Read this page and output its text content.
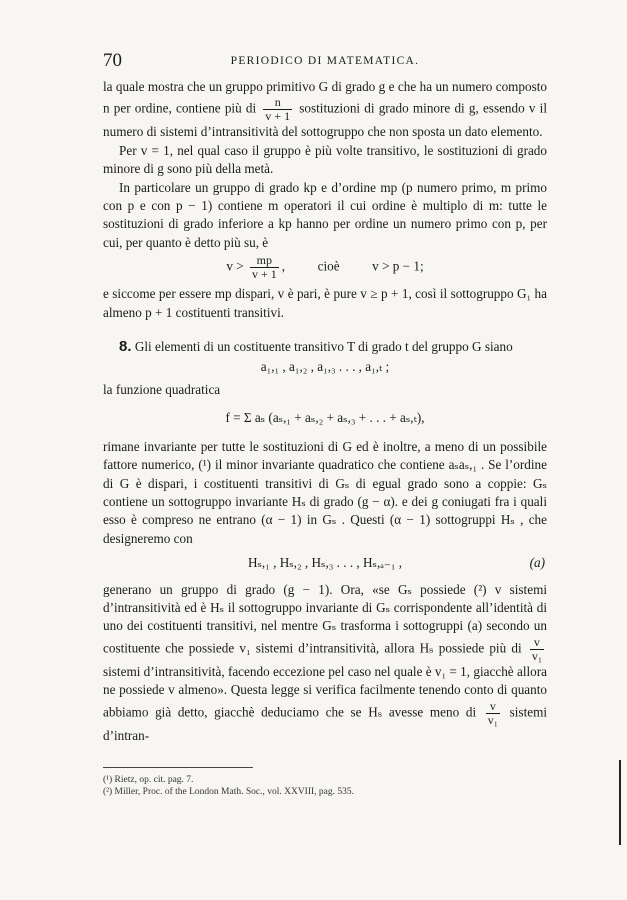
70	PERIODICO DI MATEMATICA.

la quale mostra che un gruppo primitivo G di grado g e che ha un numero composto n per ordine, contiene più di $\frac{n}{v + 1}$ sostituzioni di grado minore di g, essendo v il numero di sistemi d’intransitività del sottogruppo che non sposta un dato elemento.

Per v = 1, nel qual caso il gruppo è più volte transitivo, le sostituzioni di grado minore di g sono più della metà.

In particolare un gruppo di grado kp e d’ordine mp (p numero primo, m primo con p e con p − 1) contiene m operatori il cui ordine è multiplo di m: tutte le sostituzioni di grado inferiore a kp hanno per ordine un numero primo con p, per cui, per quanto è detto più su, è

$v > \frac{mp}{v + 1}$ , cioè v > p − 1;

e siccome per essere mp dispari, v è pari, è pure v ≥ p + 1, così il sottogruppo G₁ ha almeno p + 1 costituenti transitivi.

8. Gli elementi di un costituente transitivo T di grado t del gruppo G siano

a₁,₁ , a₁,₂ , a₁,₃ . . . , a₁,ₜ ;

la funzione quadratica

f = Σ aₛ (aₛ,₁ + aₛ,₂ + aₛ,₃ + . . . + aₛ,ₜ),

rimane invariante per tutte le sostituzioni di G ed è inoltre, a meno di un possibile fattore numerico, (¹) il minor invariante quadratico che contiene aₛaₛ,₁ . Se l’ordine di G è dispari, i costituenti transitivi di Gₛ di egual grado sono a coppie: Gₛ contiene un sottogruppo invariante Hₛ di grado (g − α). e dei g coniugati fra i quali esso è compreso ne entrano (α − 1) in Gₛ . Questi (α − 1) sottogruppi Hₛ , che designeremo con

Hₛ,₁ , Hₛ,₂ , Hₛ,₃ . . . , Hₛ,ₐ₋₁ ,	(a)

generano un gruppo di grado (g − 1). Ora, «se Gₛ possiede (²) v sistemi d’intransitività ed è Hₛ il sottogruppo invariante di Gₛ corrispondente all’identità di uno dei costituenti transitivi, nel mentre Gₛ trasforma i sottogruppi (a) secondo un costituente che possiede v₁ sistemi d’intransitività, allora Hₛ possiede più di $\frac{v}{\text{v₁}}$
sistemi d’intransitività, facendo eccezione pel caso nel quale è v₁ = 1, giacchè allora ne possiede v almeno». Questa legge si verifica facilmente tenendo conto di quanto abbiamo già detto, giacchè deduciamo che se Hₛ avesse meno di $\frac{v}{\text{v₁}}$ sistemi d’intran-

(¹) Rietz, op. cit. pag. 7.
(²) Miller, Proc. of the London Math. Soc., vol. XXVIII, pag. 535.
